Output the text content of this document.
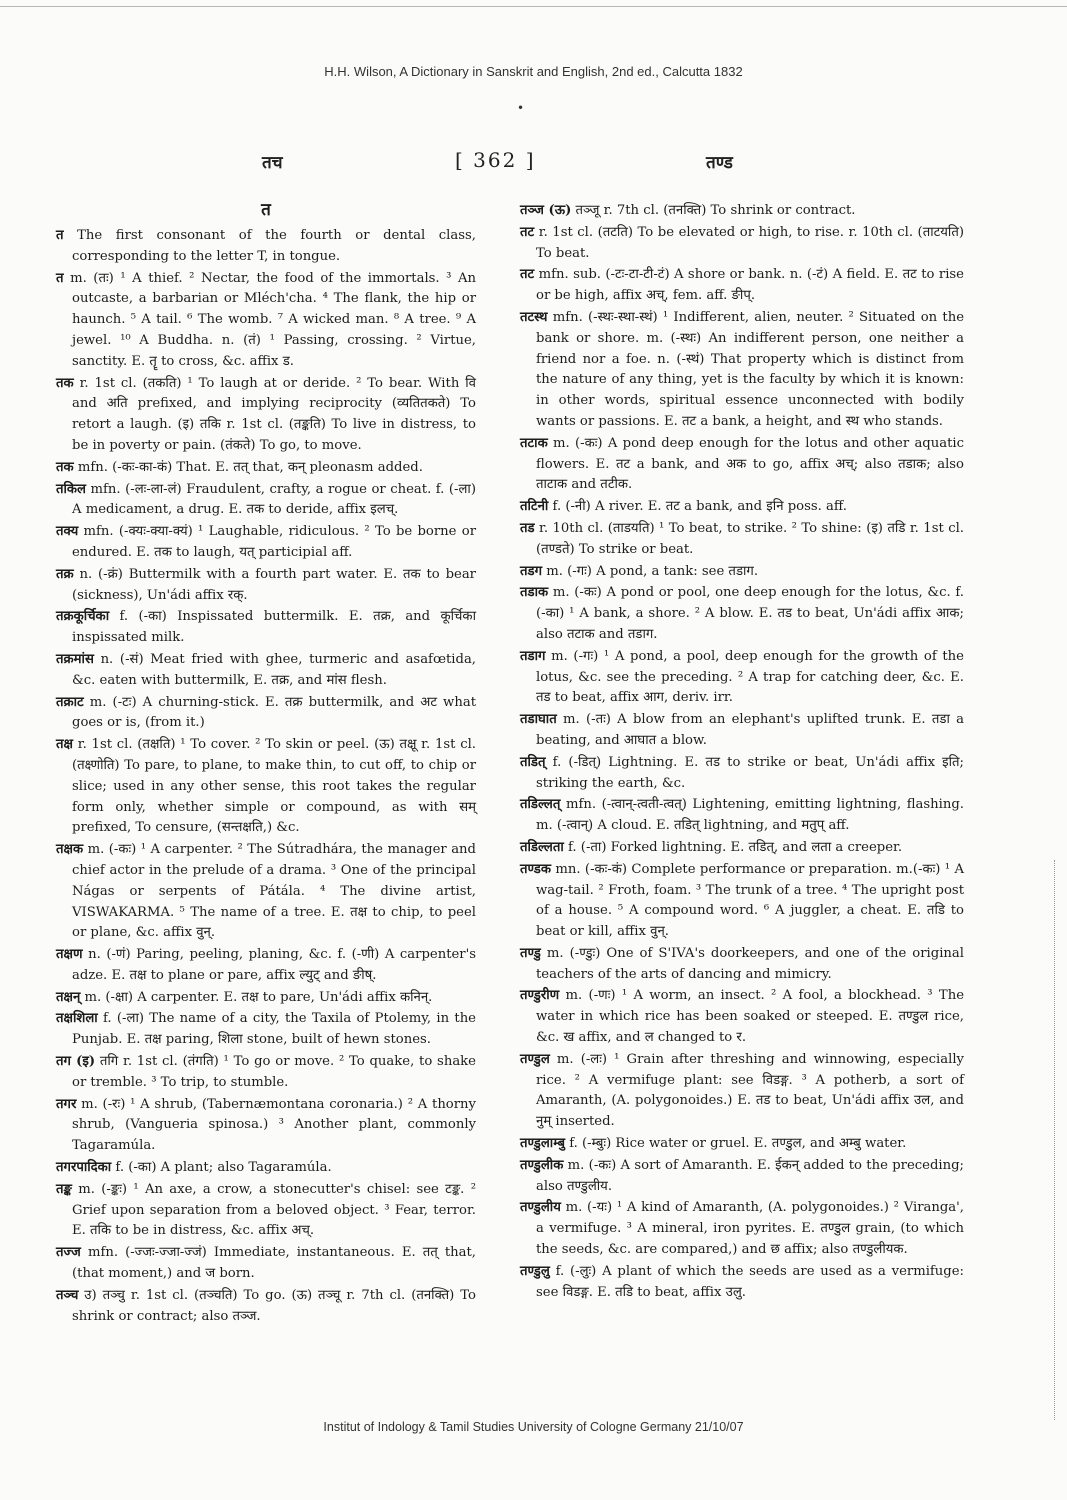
H.H. Wilson, A Dictionary in Sanskrit and English, 2nd ed., Calcutta 1832
•
तच	[ 362 ]	तण्ड
त

त The first consonant of the fourth or dental class, corresponding to the letter T, in tongue.

त m. (तः) ¹ A thief. ² Nectar, the food of the immortals. ³ An outcaste, a barbarian or Mléch'cha. ⁴ The flank, the hip or haunch. ⁵ A tail. ⁶ The womb. ⁷ A wicked man. ⁸ A tree. ⁹ A jewel. ¹⁰ A Buddha. n. (तं) ¹ Passing, crossing. ² Virtue, sanctity. E. तॄ to cross, &c. affix ड.

तक r. 1st cl. (तकति) ¹ To laugh at or deride. ² To bear. With वि and अति prefixed, and implying reciprocity (व्यतितकते) To retort a laugh. (इ) तकि r. 1st cl. (तङ्कति) To live in distress, to be in poverty or pain. (तंकते) To go, to move.

तक mfn. (-कः-का-कं) That. E. तत् that, कन् pleonasm added.

तकिल mfn. (-लः-ला-लं) Fraudulent, crafty, a rogue or cheat. f. (-ला) A medicament, a drug. E. तक to deride, affix इलच्.

तक्य mfn. (-क्यः-क्या-क्यं) ¹ Laughable, ridiculous. ² To be borne or endured. E. तक to laugh, यत् participial aff.

तक्र n. (-क्रं) Buttermilk with a fourth part water. E. तक to bear (sickness), Un'ádi affix रक्.

तक्रकूर्चिका f. (-का) Inspissated buttermilk. E. तक्र, and कूर्चिका inspissated milk.

तक्रमांस n. (-सं) Meat fried with ghee, turmeric and asafœtida, &c. eaten with buttermilk, E. तक्र, and मांस flesh.

तक्राट m. (-टः) A churning-stick. E. तक्र buttermilk, and अट what goes or is, (from it.)

तक्ष r. 1st cl. (तक्षति) ¹ To cover. ² To skin or peel. (ऊ) तक्षू r. 1st cl. (तक्ष्णोति) To pare, to plane, to make thin, to cut off, to chip or slice; used in any other sense, this root takes the regular form only, whether simple or compound, as with सम् prefixed, To censure, (सन्तक्षति,) &c.

तक्षक m. (-कः) ¹ A carpenter. ² The Sútradhára, the manager and chief actor in the prelude of a drama. ³ One of the principal Nágas or serpents of Pátála. ⁴ The divine artist, VISWAKARMA. ⁵ The name of a tree. E. तक्ष to chip, to peel or plane, &c. affix वुन्.

तक्षण n. (-णं) Paring, peeling, planing, &c. f. (-णी) A carpenter's adze. E. तक्ष to plane or pare, affix ल्युट् and ङीष्.

तक्षन् m. (-क्षा) A carpenter. E. तक्ष to pare, Un'ádi affix कनिन्.

तक्षशिला f. (-ला) The name of a city, the Taxila of Ptolemy, in the Punjab. E. तक्ष paring, शिला stone, built of hewn stones.

तग (इ) तगि r. 1st cl. (तंगति) ¹ To go or move. ² To quake, to shake or tremble. ³ To trip, to stumble.

तगर m. (-रः) ¹ A shrub, (Tabernæmontana coronaria.) ² A thorny shrub, (Vangueria spinosa.) ³ Another plant, commonly Tagaramúla.

तगरपादिका f. (-का) A plant; also Tagaramúla.

तङ्क m. (-ङ्कः) ¹ An axe, a crow, a stonecutter's chisel: see टङ्क. ² Grief upon separation from a beloved object. ³ Fear, terror. E. तकि to be in distress, &c. affix अच्.

तज्ज mfn. (-ज्जः-ज्जा-ज्जं) Immediate, instantaneous. E. तत् that, (that moment,) and ज born.

तञ्च उ) तञ्चु r. 1st cl. (तञ्चति) To go. (ऊ) तञ्चू r. 7th cl. (तनक्ति) To shrink or contract; also तञ्ज.

तञ्ज (ऊ) तञ्जू r. 7th cl. (तनक्ति) To shrink or contract.

तट r. 1st cl. (तटति) To be elevated or high, to rise. r. 10th cl. (ताटयति) To beat.

तट mfn. sub. (-टः-टा-टी-टं) A shore or bank. n. (-टं) A field. E. तट to rise or be high, affix अच्, fem. aff. ङीप्.

तटस्थ mfn. (-स्थः-स्था-स्थं) ¹ Indifferent, alien, neuter. ² Situated on the bank or shore. m. (-स्थः) An indifferent person, one neither a friend nor a foe. n. (-स्थं) That property which is distinct from the nature of any thing, yet is the faculty by which it is known: in other words, spiritual essence unconnected with bodily wants or passions. E. तट a bank, a height, and स्थ who stands.

तटाक m. (-कः) A pond deep enough for the lotus and other aquatic flowers. E. तट a bank, and अक to go, affix अच्; also तडाक; also ताटाक and तटीक.

तटिनी f. (-नी) A river. E. तट a bank, and इनि poss. aff.

तड r. 10th cl. (ताडयति) ¹ To beat, to strike. ² To shine: (इ) तडि r. 1st cl. (तण्डते) To strike or beat.

तडग m. (-गः) A pond, a tank: see तडाग.

तडाक m. (-कः) A pond or pool, one deep enough for the lotus, &c. f. (-का) ¹ A bank, a shore. ² A blow. E. तड to beat, Un'ádi affix आक; also तटाक and तडाग.

तडाग m. (-गः) ¹ A pond, a pool, deep enough for the growth of the lotus, &c. see the preceding. ² A trap for catching deer, &c. E. तड to beat, affix आग, deriv. irr.

तडाघात m. (-तः) A blow from an elephant's uplifted trunk. E. तडा a beating, and आघात a blow.

तडित् f. (-डित्) Lightning. E. तड to strike or beat, Un'ádi affix इति; striking the earth, &c.

तडिल्लत् mfn. (-त्वान्-त्वती-त्वत्) Lightening, emitting lightning, flashing. m. (-त्वान्) A cloud. E. तडित् lightning, and मतुप् aff.

तडिल्लता f. (-ता) Forked lightning. E. तडित्, and लता a creeper.

तण्डक mn. (-कः-कं) Complete performance or preparation. m.(-कः) ¹ A wag-tail. ² Froth, foam. ³ The trunk of a tree. ⁴ The upright post of a house. ⁵ A compound word. ⁶ A juggler, a cheat. E. तडि to beat or kill, affix वुन्.

तण्डु m. (-ण्डुः) One of S'IVA's doorkeepers, and one of the original teachers of the arts of dancing and mimicry.

तण्डुरीण m. (-णः) ¹ A worm, an insect. ² A fool, a blockhead. ³ The water in which rice has been soaked or steeped. E. तण्डुल rice, &c. ख affix, and ल changed to र.

तण्डुल m. (-लः) ¹ Grain after threshing and winnowing, especially rice. ² A vermifuge plant: see विडङ्ग. ³ A potherb, a sort of Amaranth, (A. polygonoides.) E. तड to beat, Un'ádi affix उल, and नुम् inserted.

तण्डुलाम्बु f. (-म्बुः) Rice water or gruel. E. तण्डुल, and अम्बु water.

तण्डुलीक m. (-कः) A sort of Amaranth. E. ईकन् added to the preceding; also तण्डुलीय.

तण्डुलीय m. (-यः) ¹ A kind of Amaranth, (A. polygonoides.) ² Viranga', a vermifuge. ³ A mineral, iron pyrites. E. तण्डुल grain, (to which the seeds, &c. are compared,) and छ affix; also तण्डुलीयक.

तण्डुलु f. (-लुः) A plant of which the seeds are used as a vermifuge: see विडङ्ग. E. तडि to beat, affix उलु.

Institut of Indology & Tamil Studies University of Cologne Germany 21/10/07
